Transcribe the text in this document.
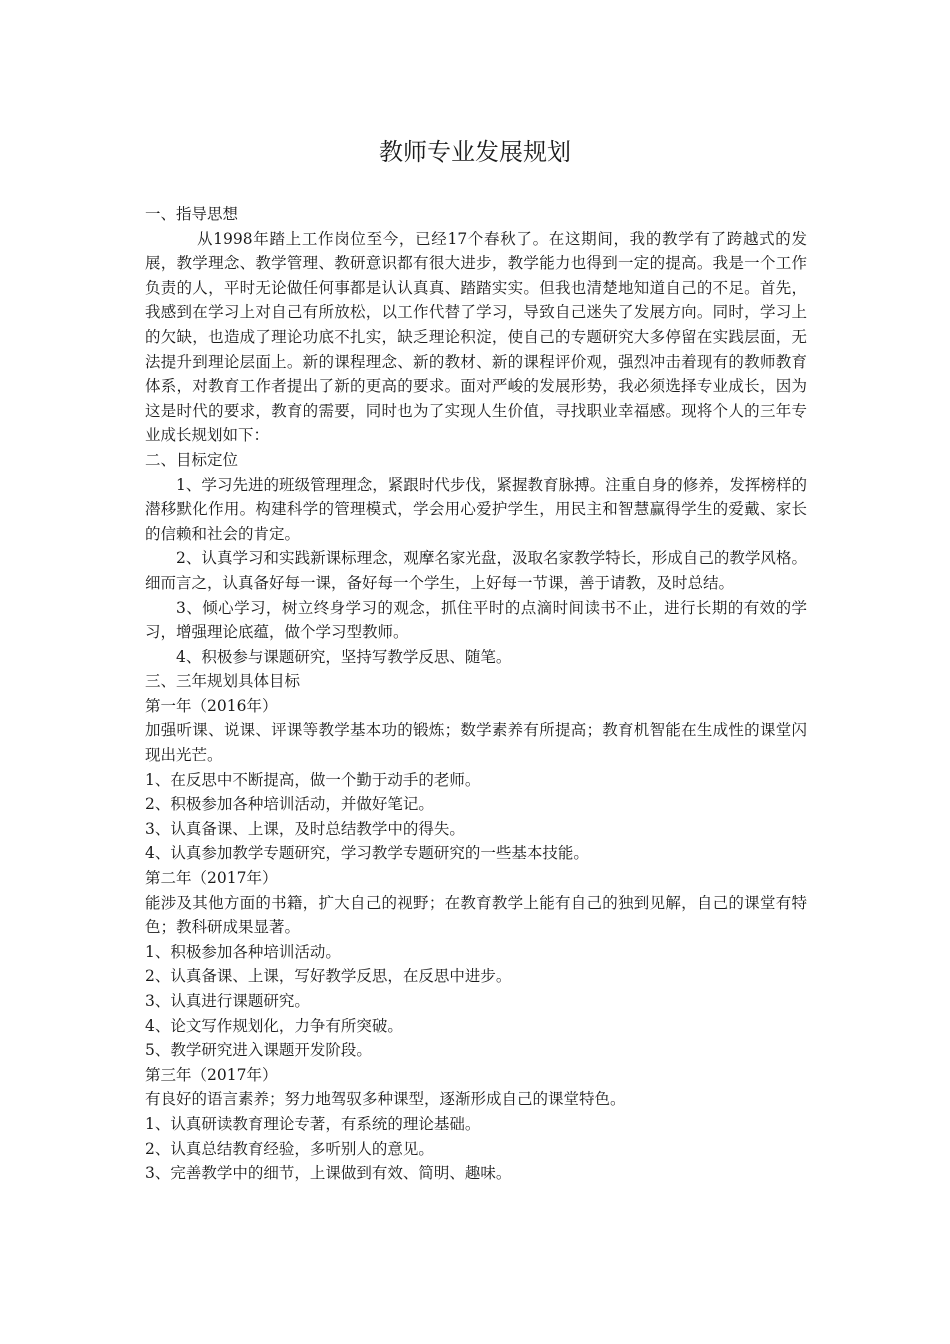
教师专业发展规划

一、指导思想

从1998年踏上工作岗位至今，已经17个春秋了。在这期间，我的教学有了跨越式的发展，教学理念、教学管理、教研意识都有很大进步，教学能力也得到一定的提高。我是一个工作负责的人，平时无论做任何事都是认认真真、踏踏实实。但我也清楚地知道自己的不足。首先，我感到在学习上对自己有所放松，以工作代替了学习，导致自己迷失了发展方向。同时，学习上的欠缺，也造成了理论功底不扎实，缺乏理论积淀，使自己的专题研究大多停留在实践层面，无法提升到理论层面上。新的课程理念、新的教材、新的课程评价观，强烈冲击着现有的教师教育体系，对教育工作者提出了新的更高的要求。面对严峻的发展形势，我必须选择专业成长，因为这是时代的要求，教育的需要，同时也为了实现人生价值，寻找职业幸福感。现将个人的三年专业成长规划如下：

二、目标定位

1、学习先进的班级管理理念，紧跟时代步伐，紧握教育脉搏。注重自身的修养，发挥榜样的潜移默化作用。构建科学的管理模式，学会用心爱护学生，用民主和智慧赢得学生的爱戴、家长的信赖和社会的肯定。

2、认真学习和实践新课标理念，观摩名家光盘，汲取名家教学特长，形成自己的教学风格。细而言之，认真备好每一课，备好每一个学生，上好每一节课，善于请教，及时总结。

3、倾心学习，树立终身学习的观念，抓住平时的点滴时间读书不止，进行长期的有效的学习，增强理论底蕴，做个学习型教师。

4、积极参与课题研究，坚持写教学反思、随笔。

三、三年规划具体目标

第一年（2016年）

加强听课、说课、评课等教学基本功的锻炼；数学素养有所提高；教育机智能在生成性的课堂闪现出光芒。

1、在反思中不断提高，做一个勤于动手的老师。

2、积极参加各种培训活动，并做好笔记。

3、认真备课、上课，及时总结教学中的得失。

4、认真参加教学专题研究，学习教学专题研究的一些基本技能。

第二年（2017年）

能涉及其他方面的书籍，扩大自己的视野；在教育教学上能有自己的独到见解，自己的课堂有特色；教科研成果显著。

1、积极参加各种培训活动。

2、认真备课、上课，写好教学反思，在反思中进步。

3、认真进行课题研究。

4、论文写作规划化，力争有所突破。

5、教学研究进入课题开发阶段。

第三年（2017年）

有良好的语言素养；努力地驾驭多种课型，逐渐形成自己的课堂特色。

1、认真研读教育理论专著，有系统的理论基础。

2、认真总结教育经验，多听别人的意见。

3、完善教学中的细节，上课做到有效、简明、趣味。
